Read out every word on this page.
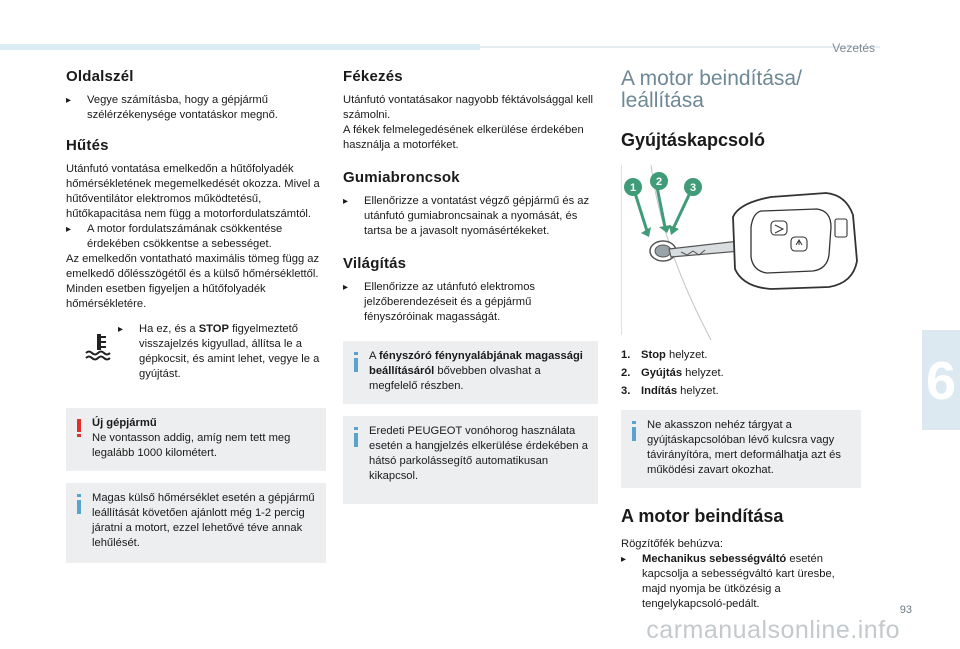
Vezetés
6
Oldalszél
▸ Vegye számításba, hogy a gépjármű szélérzékenysége vontatáskor megnő.
Hűtés

Utánfutó vontatása emelkedőn a hűtőfolyadék hőmérsékletének megemelkedését okozza. Mivel a hűtőventilátor elektromos működtetésű, hűtőkapacitása nem függ a motorfordulatszámtól.

▸ A motor fordulatszámának csökkentése érdekében csökkentse a sebességet.

Az emelkedőn vontatható maximális tömeg függ az emelkedő dőlésszögétől és a külső hőmérséklettől.

Minden esetben figyeljen a hűtőfolyadék hőmérsékletére.

▸ Ha ez, és a STOP figyelmeztető visszajelzés kigyullad, állítsa le a gépkocsit, és amint lehet, vegye le a gyújtást.

Új gépjármű

Ne vontasson addig, amíg nem tett meg legalább 1000 kilométert.

Magas külső hőmérséklet esetén a gépjármű leállítását követően ajánlott még 1-2 percig járatni a motort, ezzel lehetővé téve annak lehűlését.

Fékezés

Utánfutó vontatásakor nagyobb féktávolsággal kell számolni.

A fékek felmelegedésének elkerülése érdekében használja a motorféket.

Gumiabroncsok
▸ Ellenőrizze a vontatást végző gépjármű és az utánfutó gumiabroncsainak a nyomását, és tartsa be a javasolt nyomásértékeket.
Világítás
▸ Ellenőrizze az utánfutó elektromos jelzőberendezéseit és a gépjármű fényszóróinak magasságát.

A fényszóró fénynyalábjának magassági beállításáról bővebben olvashat a megfelelő részben.

Eredeti PEUGEOT vonóhorog használata esetén a hangjelzés elkerülése érdekében a hátsó parkolássegítő automatikusan kikapcsol.

A motor beindítása/
leállítása
Gyújtáskapcsoló
1 2	3
1. Stop helyzet.
2. Gyújtás helyzet.
3. Indítás helyzet.

Ne akasszon nehéz tárgyat a gyújtáskapcsolóban lévő kulcsra vagy távirányítóra, mert deformálhatja azt és működési zavart okozhat.

A motor beindítása

Rögzítőfék behúzva:

▸ Mechanikus sebességváltó esetén kapcsolja a sebességváltó kart üresbe, majd nyomja be ütközésig a tengelykapcsoló-pedált.	93
carmanualsonline.info
